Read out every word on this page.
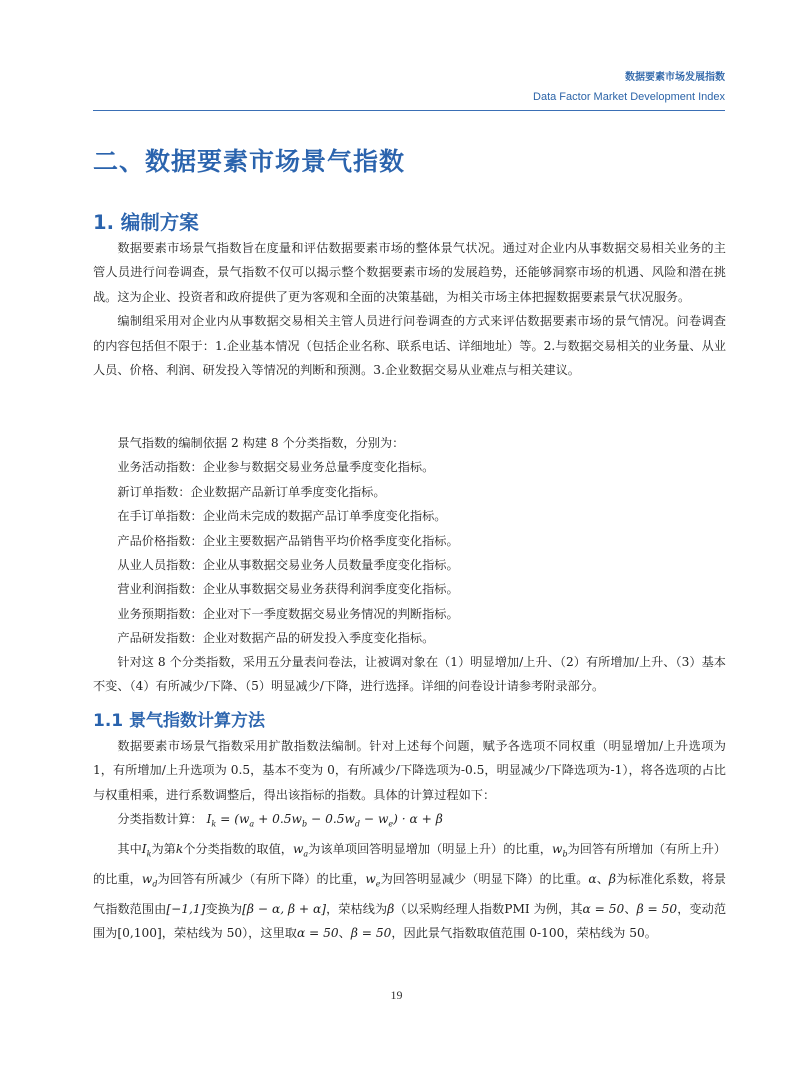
数据要素市场发展指数
Data Factor Market Development Index
二、数据要素市场景气指数
1. 编制方案

数据要素市场景气指数旨在度量和评估数据要素市场的整体景气状况。通过对企业内从事数据交易相关业务的主管人员进行问卷调查，景气指数不仅可以揭示整个数据要素市场的发展趋势，还能够洞察市场的机遇、风险和潜在挑战。这为企业、投资者和政府提供了更为客观和全面的决策基础，为相关市场主体把握数据要素景气状况服务。

编制组采用对企业内从事数据交易相关主管人员进行问卷调查的方式来评估数据要素市场的景气情况。问卷调查的内容包括但不限于：1.企业基本情况（包括企业名称、联系电话、详细地址）等。2.与数据交易相关的业务量、从业人员、价格、利润、研发投入等情况的判断和预测。3.企业数据交易从业难点与相关建议。

景气指数的编制依据 2 构建 8 个分类指数，分别为：

业务活动指数：企业参与数据交易业务总量季度变化指标。

新订单指数：企业数据产品新订单季度变化指标。

在手订单指数：企业尚未完成的数据产品订单季度变化指标。

产品价格指数：企业主要数据产品销售平均价格季度变化指标。

从业人员指数：企业从事数据交易业务人员数量季度变化指标。

营业利润指数：企业从事数据交易业务获得利润季度变化指标。

业务预期指数：企业对下一季度数据交易业务情况的判断指标。

产品研发指数：企业对数据产品的研发投入季度变化指标。

针对这 8 个分类指数，采用五分量表问卷法，让被调对象在（1）明显增加/上升、（2）有所增加/上升、（3）基本不变、（4）有所减少/下降、（5）明显减少/下降，进行选择。详细的问卷设计请参考附录部分。

1.1 景气指数计算方法

数据要素市场景气指数采用扩散指数法编制。针对上述每个问题，赋予各选项不同权重（明显增加/上升选项为 1，有所增加/上升选项为 0.5，基本不变为 0，有所减少/下降选项为-0.5，明显减少/下降选项为-1），将各选项的占比与权重相乘，进行系数调整后，得出该指标的指数。具体的计算过程如下：

分类指数计算： $I_k = (w_a + 0.5w_b - 0.5w_d - w_e) \cdot \alpha + \beta$

其中$I_k$为第k个分类指数的取值，$w_a$为该单项回答明显增加（明显上升）的比重，$w_b$为回答有所增加（有所上升）的比重，$w_d$为回答有所减少（有所下降）的比重，$w_e$为回答明显减少（明显下降）的比重。α、β为标准化系数，将景气指数范围由[−1,1]变换为[β − α, β + α]，荣枯线为β（以采购经理人指数PMI 为例，其α = 50、β = 50，变动范围为[0,100]，荣枯线为 50），这里取α = 50、β = 50，因此景气指数取值范围 0-100，荣枯线为 50。

19
